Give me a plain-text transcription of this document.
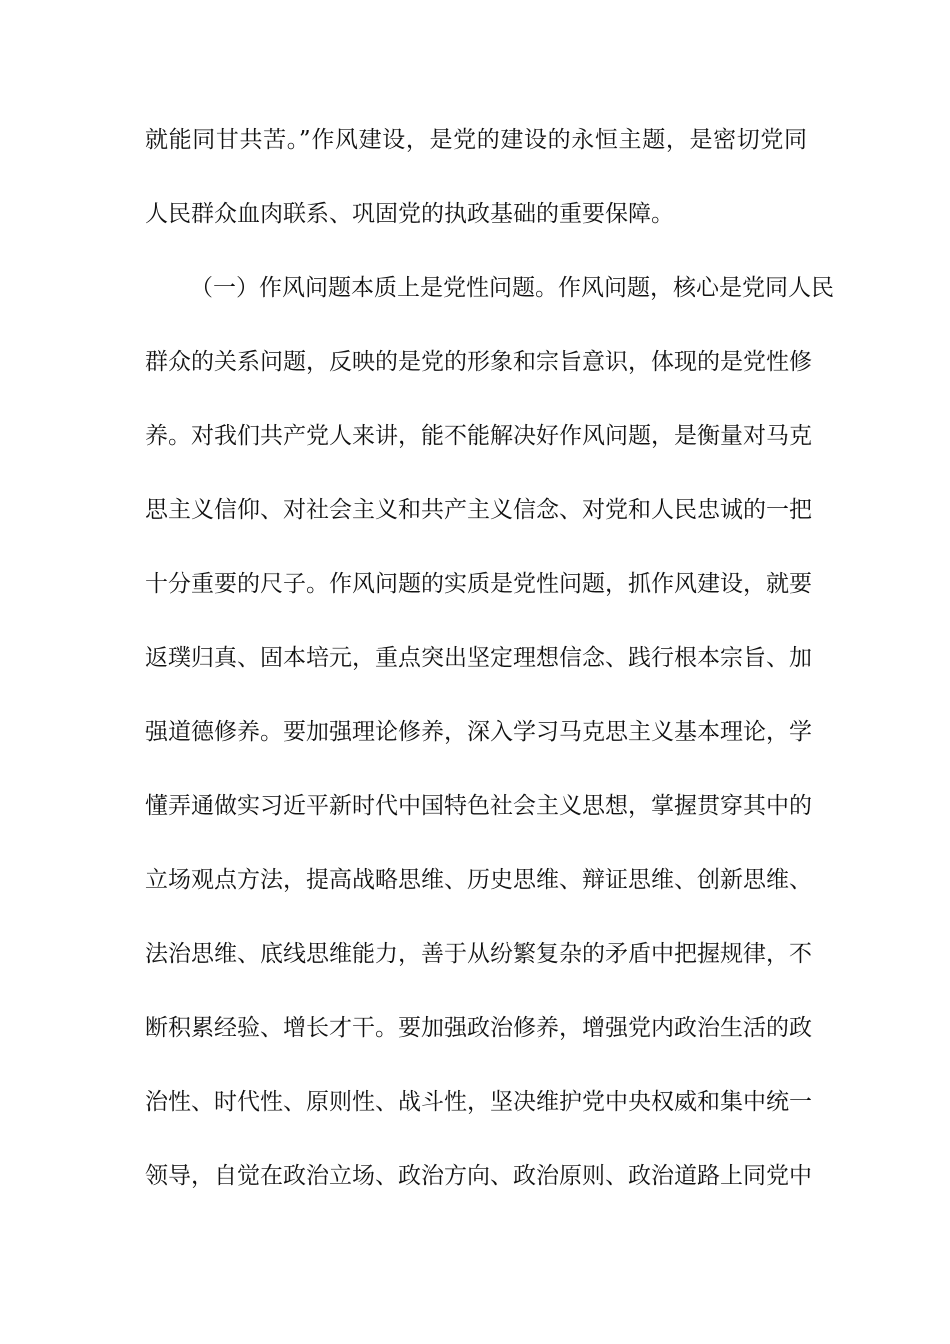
就能同甘共苦。”作风建设，是党的建设的永恒主题，是密切党同
人民群众血肉联系、巩固党的执政基础的重要保障。
（一）作风问题本质上是党性问题。作风问题，核心是党同人民
群众的关系问题，反映的是党的形象和宗旨意识，体现的是党性修
养。对我们共产党人来讲，能不能解决好作风问题，是衡量对马克
思主义信仰、对社会主义和共产主义信念、对党和人民忠诚的一把
十分重要的尺子。作风问题的实质是党性问题，抓作风建设，就要
返璞归真、固本培元，重点突出坚定理想信念、践行根本宗旨、加
强道德修养。要加强理论修养，深入学习马克思主义基本理论，学
懂弄通做实习近平新时代中国特色社会主义思想，掌握贯穿其中的
立场观点方法，提高战略思维、历史思维、辩证思维、创新思维、
法治思维、底线思维能力，善于从纷繁复杂的矛盾中把握规律，不
断积累经验、增长才干。要加强政治修养，增强党内政治生活的政
治性、时代性、原则性、战斗性，坚决维护党中央权威和集中统一
领导，自觉在政治立场、政治方向、政治原则、政治道路上同党中
